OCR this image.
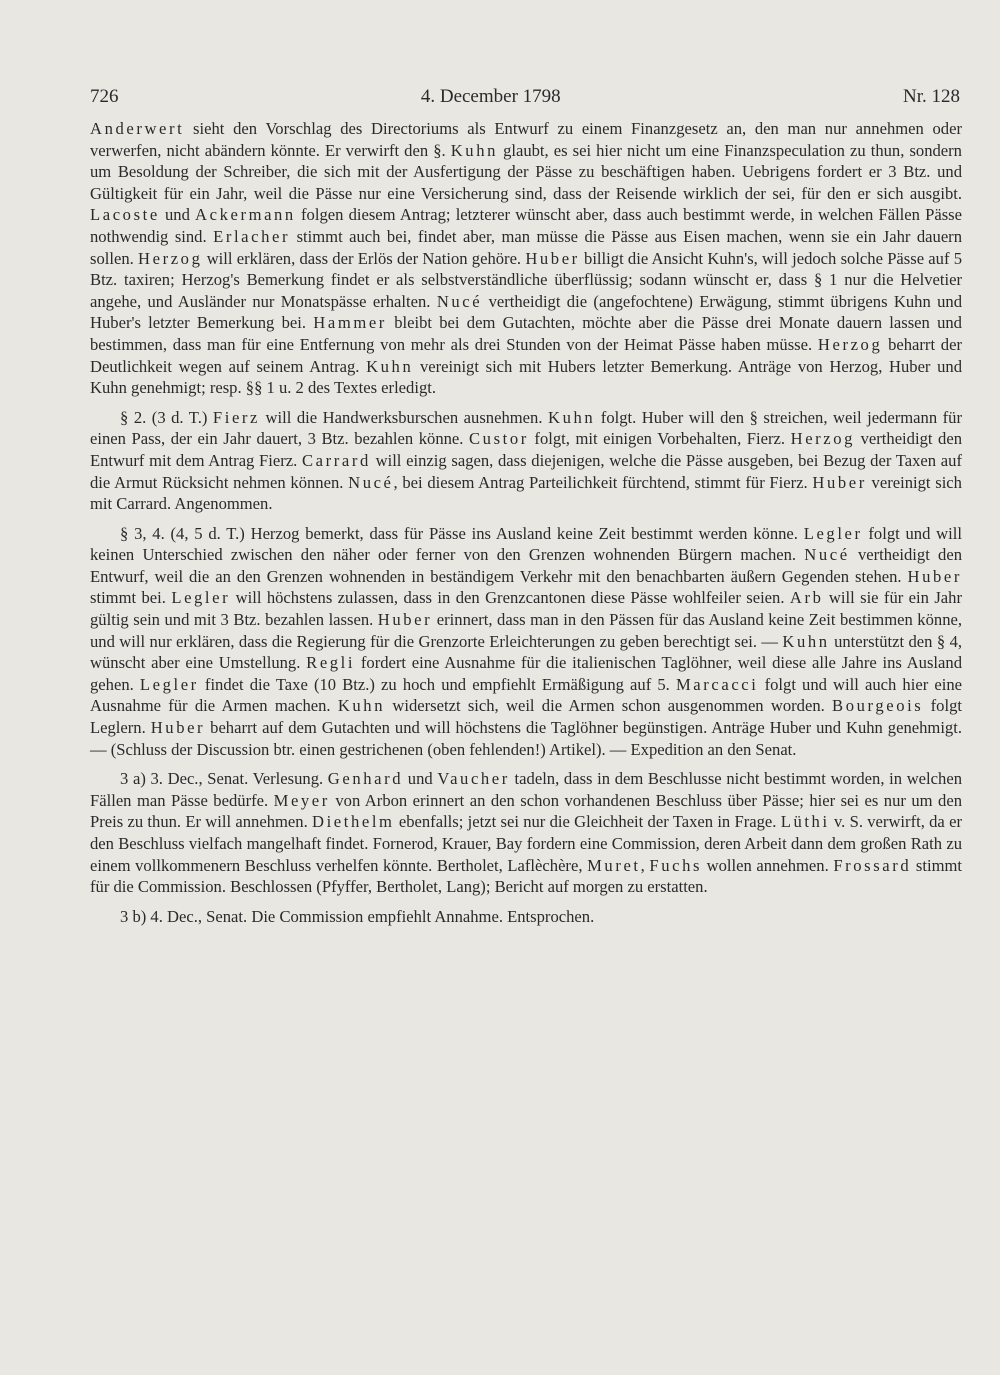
726	4. December 1798	Nr. 128

Anderwert sieht den Vorschlag des Directoriums als Entwurf zu einem Finanzgesetz an, den man nur annehmen oder verwerfen, nicht abändern könnte. Er verwirft den §. Kuhn glaubt, es sei hier nicht um eine Finanzspeculation zu thun, sondern um Besoldung der Schreiber, die sich mit der Ausfertigung der Pässe zu beschäftigen haben. Uebrigens fordert er 3 Btz. und Gültigkeit für ein Jahr, weil die Pässe nur eine Versicherung sind, dass der Reisende wirklich der sei, für den er sich ausgibt. Lacoste und Ackermann folgen diesem Antrag; letzterer wünscht aber, dass auch bestimmt werde, in welchen Fällen Pässe nothwendig sind. Erlacher stimmt auch bei, findet aber, man müsse die Pässe aus Eisen machen, wenn sie ein Jahr dauern sollen. Herzog will erklären, dass der Erlös der Nation gehöre. Huber billigt die Ansicht Kuhn's, will jedoch solche Pässe auf 5 Btz. taxiren; Herzog's Bemerkung findet er als selbstverständliche überflüssig; sodann wünscht er, dass § 1 nur die Helvetier angehe, und Ausländer nur Monatspässe erhalten. Nucé vertheidigt die (angefochtene) Erwägung, stimmt übrigens Kuhn und Huber's letzter Bemerkung bei. Hammer bleibt bei dem Gutachten, möchte aber die Pässe drei Monate dauern lassen und bestimmen, dass man für eine Entfernung von mehr als drei Stunden von der Heimat Pässe haben müsse. Herzog beharrt der Deutlichkeit wegen auf seinem Antrag. Kuhn vereinigt sich mit Hubers letzter Bemerkung. Anträge von Herzog, Huber und Kuhn genehmigt; resp. §§ 1 u. 2 des Textes erledigt.

§ 2. (3 d. T.) Fierz will die Handwerksburschen ausnehmen. Kuhn folgt. Huber will den § streichen, weil jedermann für einen Pass, der ein Jahr dauert, 3 Btz. bezahlen könne. Custor folgt, mit einigen Vorbehalten, Fierz. Herzog vertheidigt den Entwurf mit dem Antrag Fierz. Carrard will einzig sagen, dass diejenigen, welche die Pässe ausgeben, bei Bezug der Taxen auf die Armut Rücksicht nehmen können. Nucé, bei diesem Antrag Parteilichkeit fürchtend, stimmt für Fierz. Huber vereinigt sich mit Carrard. Angenommen.

§ 3, 4. (4, 5 d. T.) Herzog bemerkt, dass für Pässe ins Ausland keine Zeit bestimmt werden könne. Legler folgt und will keinen Unterschied zwischen den näher oder ferner von den Grenzen wohnenden Bürgern machen. Nucé vertheidigt den Entwurf, weil die an den Grenzen wohnenden in beständigem Verkehr mit den benachbarten äußern Gegenden stehen. Huber stimmt bei. Legler will höchstens zulassen, dass in den Grenzcantonen diese Pässe wohlfeiler seien. Arb will sie für ein Jahr gültig sein und mit 3 Btz. bezahlen lassen. Huber erinnert, dass man in den Pässen für das Ausland keine Zeit bestimmen könne, und will nur erklären, dass die Regierung für die Grenzorte Erleichterungen zu geben berechtigt sei. — Kuhn unterstützt den § 4, wünscht aber eine Umstellung. Regli fordert eine Ausnahme für die italienischen Taglöhner, weil diese alle Jahre ins Ausland gehen. Legler findet die Taxe (10 Btz.) zu hoch und empfiehlt Ermäßigung auf 5. Marcacci folgt und will auch hier eine Ausnahme für die Armen machen. Kuhn widersetzt sich, weil die Armen schon ausgenommen worden. Bourgeois folgt Leglern. Huber beharrt auf dem Gutachten und will höchstens die Taglöhner begünstigen. Anträge Huber und Kuhn genehmigt. — (Schluss der Discussion btr. einen gestrichenen (oben fehlenden!) Artikel). — Expedition an den Senat.

3 a) 3. Dec., Senat. Verlesung. Genhard und Vaucher tadeln, dass in dem Beschlusse nicht bestimmt worden, in welchen Fällen man Pässe bedürfe. Meyer von Arbon erinnert an den schon vorhandenen Beschluss über Pässe; hier sei es nur um den Preis zu thun. Er will annehmen. Diethelm ebenfalls; jetzt sei nur die Gleichheit der Taxen in Frage. Lüthi v. S. verwirft, da er den Beschluss vielfach mangelhaft findet. Fornerod, Krauer, Bay fordern eine Commission, deren Arbeit dann dem großen Rath zu einem vollkommenern Beschluss verhelfen könnte. Bertholet, Laflèchère, Muret, Fuchs wollen annehmen. Frossard stimmt für die Commission. Beschlossen (Pfyffer, Bertholet, Lang); Bericht auf morgen zu erstatten.

3 b) 4. Dec., Senat. Die Commission empfiehlt Annahme. Entsprochen.
